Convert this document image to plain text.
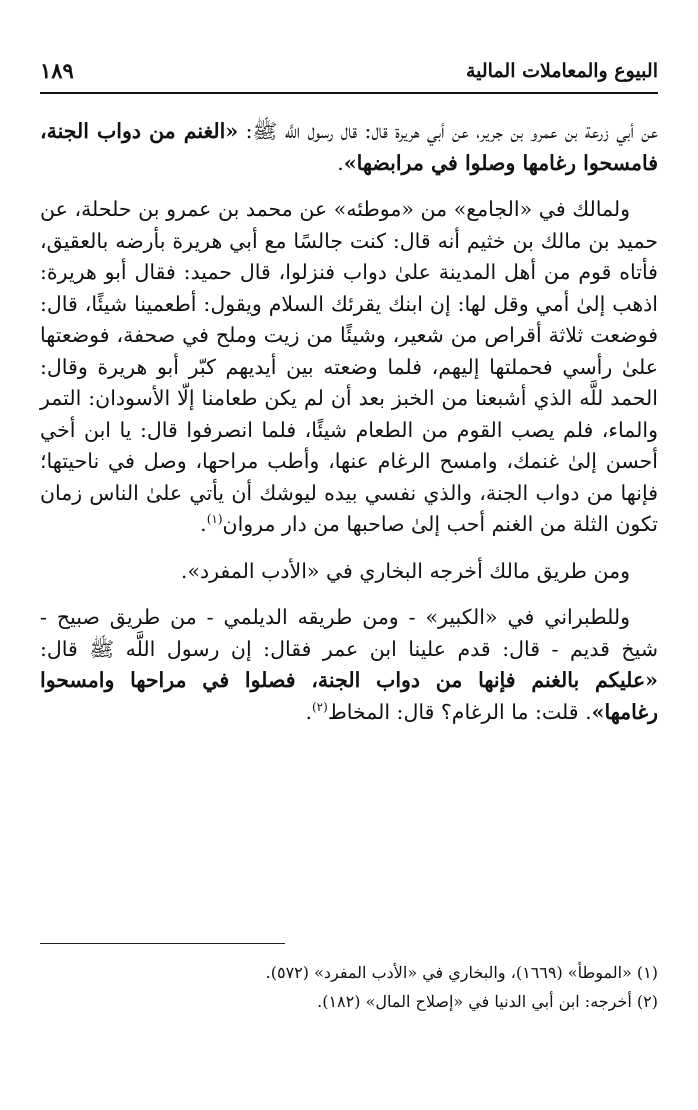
البيوع والمعاملات المالية
١٨٩

عن أبي زرعة بن عمرو بن جرير، عن أبي هريرة قال: قال رسول اللَّه ﷺ: «الغنم من دواب الجنة، فامسحوا رغامها وصلوا في مرابضها».

ولمالك في «الجامع» من «موطئه» عن محمد بن عمرو بن حلحلة، عن حميد بن مالك بن خثيم أنه قال: كنت جالسًا مع أبي هريرة بأرضه بالعقيق، فأتاه قوم من أهل المدينة علىٰ دواب فنزلوا، قال حميد: فقال أبو هريرة: اذهب إلىٰ أمي وقل لها: إن ابنك يقرئك السلام ويقول: أطعمينا شيئًا، قال: فوضعت ثلاثة أقراص من شعير، وشيئًا من زيت وملح في صحفة، فوضعتها علىٰ رأسي فحملتها إليهم، فلما وضعته بين أيديهم كبّر أبو هريرة وقال: الحمد للَّه الذي أشبعنا من الخبز بعد أن لم يكن طعامنا إلّا الأسودان: التمر والماء، فلم يصب القوم من الطعام شيئًا، فلما انصرفوا قال: يا ابن أخي أحسن إلىٰ غنمك، وامسح الرغام عنها، وأطب مراحها، وصل في ناحيتها؛ فإنها من دواب الجنة، والذي نفسي بيده ليوشك أن يأتي علىٰ الناس زمان تكون الثلة من الغنم أحب إلىٰ صاحبها من دار مروان$^{(١)}$.

ومن طريق مالك أخرجه البخاري في «الأدب المفرد».

وللطبراني في «الكبير» - ومن طريقه الديلمي - من طريق صبيح - شيخ قديم - قال: قدم علينا ابن عمر فقال: إن رسول اللَّه ﷺ قال: «عليكم بالغنم فإنها من دواب الجنة، فصلوا في مراحها وامسحوا رغامها». قلت: ما الرغام؟ قال: المخاط$^{(٢)}$.

(١) «الموطأ» (١٦٦٩)، والبخاري في «الأدب المفرد» (٥٧٢).

(٢) أخرجه: ابن أبي الدنيا في «إصلاح المال» (١٨٢).
